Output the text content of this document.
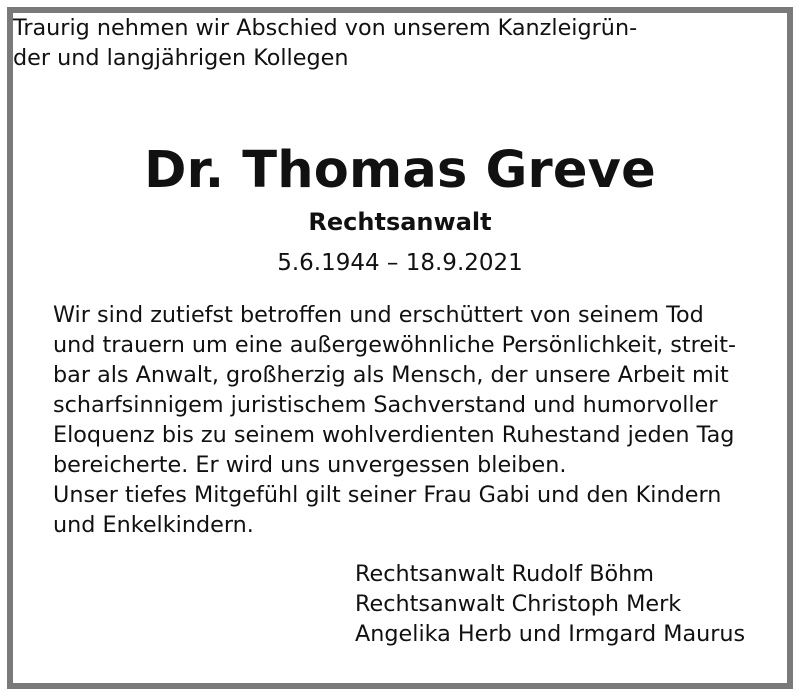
Traurig nehmen wir Abschied von unserem Kanzleigrün-
der und langjährigen Kollegen
Dr. Thomas Greve
Rechtsanwalt
5.6.1944 – 18.9.2021
Wir sind zutiefst betroffen und erschüttert von seinem Tod
und trauern um eine außergewöhnliche Persönlichkeit, streit-
bar als Anwalt, großherzig als Mensch, der unsere Arbeit mit
scharfsinnigem juristischem Sachverstand und humorvoller
Eloquenz bis zu seinem wohlverdienten Ruhestand jeden Tag
bereicherte. Er wird uns unvergessen bleiben.
Unser tiefes Mitgefühl gilt seiner Frau Gabi und den Kindern
und Enkelkindern.
Rechtsanwalt Rudolf Böhm
Rechtsanwalt Christoph Merk
Angelika Herb und Irmgard Maurus
